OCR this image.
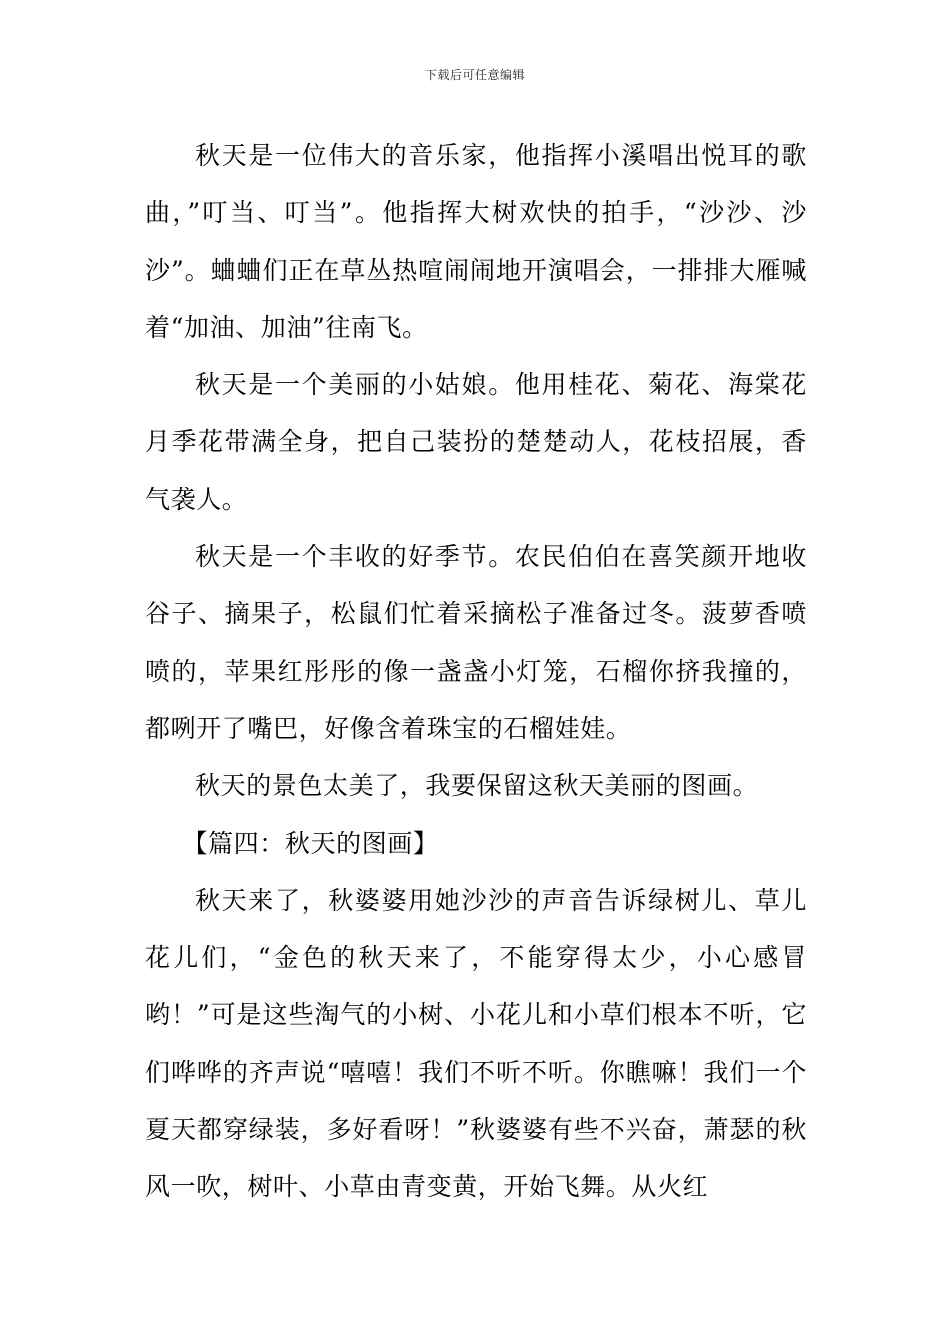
下载后可任意编辑

秋天是一位伟大的音乐家，他指挥小溪唱出悦耳的歌曲，”叮当、叮当”。他指挥大树欢快的拍手，“沙沙、沙沙”。蛐蛐们正在草丛热喧闹闹地开演唱会，一排排大雁喊着“加油、加油”往南飞。

秋天是一个美丽的小姑娘。他用桂花、菊花、海棠花月季花带满全身，把自己装扮的楚楚动人，花枝招展，香气袭人。

秋天是一个丰收的好季节。农民伯伯在喜笑颜开地收谷子、摘果子，松鼠们忙着采摘松子准备过冬。菠萝香喷喷的，苹果红彤彤的像一盏盏小灯笼，石榴你挤我撞的，都咧开了嘴巴，好像含着珠宝的石榴娃娃。

秋天的景色太美了，我要保留这秋天美丽的图画。

【篇四：秋天的图画】

秋天来了，秋婆婆用她沙沙的声音告诉绿树儿、草儿花儿们，“金色的秋天来了，不能穿得太少，小心感冒哟！”可是这些淘气的小树、小花儿和小草们根本不听，它们哗哗的齐声说“嘻嘻！我们不听不听。你瞧嘛！我们一个夏天都穿绿装，多好看呀！”秋婆婆有些不兴奋，萧瑟的秋风一吹，树叶、小草由青变黄，开始飞舞。从火红
